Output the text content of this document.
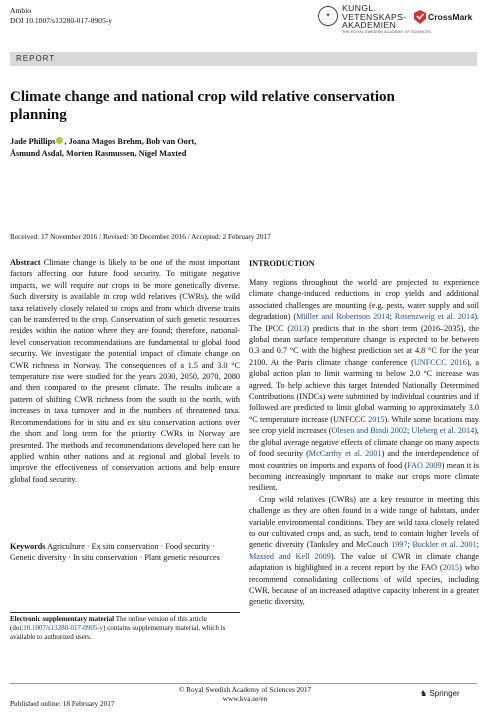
Ambio
DOI 10.1007/s13280-017-0905-y	✦
KUNGL.
VETENSKAPS-
AKADEMIEN
THE ROYAL SWEDISH ACADEMY OF SCIENCES
CrossMark
REPORT
Climate change and national crop wild relative conservation planning
Jade Phillips , Joana Magos Brehm, Bob van Oort,
Åsmund Asdal, Morten Rasmussen, Nigel Maxted
Received: 17 November 2016 / Revised: 30 December 2016 / Accepted: 2 February 2017
Abstract Climate change is likely to be one of the most important factors affecting our future food security. To mitigate negative impacts, we will require our crops to be more genetically diverse. Such diversity is available in crop wild relatives (CWRs), the wild taxa relatively closely related to crops and from which diverse traits can be transferred to the crop. Conservation of such genetic resources resides within the nation where they are found; therefore, national-level conservation recommendations are fundamental to global food security. We investigate the potential impact of climate change on CWR richness in Norway. The consequences of a 1.5 and 3.0 °C temperature rise were studied for the years 2030, 2050, 2070, 2080 and then compared to the present climate. The results indicate a pattern of shifting CWR richness from the south to the north, with increases in taxa turnover and in the numbers of threatened taxa. Recommendations for in situ and ex situ conservation actions over the short and long term for the priority CWRs in Norway are presented. The methods and recommendations developed here can be applied within other nations and at regional and global levels to improve the effectiveness of conservation actions and help ensure global food security.
Keywords Agriculture · Ex situ conservation · Food security · Genetic diversity · In situ conservation · Plant genetic resources
Electronic supplementary material The online version of this article (doi:10.1007/s13280-017-0905-y) contains supplementary material, which is available to authorized users.
INTRODUCTION

Many regions throughout the world are projected to experience climate change-induced reductions in crop yields and additional associated challenges are mounting (e.g. pests, water supply and soil degradation) (Müller and Robertson 2014; Rosenzweig et al. 2014). The IPCC (2013) predicts that in the short term (2016–2035), the global mean surface temperature change is expected to be between 0.3 and 0.7 °C with the highest prediction set at 4.8 °C for the year 2100. At the Paris climate change conference (UNFCCC 2016), a global action plan to limit warming to below 2.0 °C increase was agreed. To help achieve this target Intended Nationally Determined Contributions (INDCs) were submitted by individual countries and if followed are predicted to limit global warming to approximately 3.0 °C temperature increase (UNFCCC 2015). While some locations may see crop yield increases (Olesen and Bindi 2002; Uleberg et al. 2014), the global average negative effects of climate change on many aspects of food security (McCarthy et al. 2001) and the interdependence of most countries on imports and exports of food (FAO 2009) mean it is becoming increasingly important to make our crops more climate resilient.

Crop wild relatives (CWRs) are a key resource in meeting this challenge as they are often found in a wide range of habitats, under variable environmental conditions. They are wild taxa closely related to our cultivated crops and, as such, tend to contain higher levels of genetic diversity (Tanksley and McCouch 1997; Buckler et al. 2001; Maxted and Kell 2009). The value of CWR in climate change adaptation is highlighted in a recent report by the FAO (2015) who recommend consolidating collections of wild species, including CWR, because of an increased adaptive capacity inherent in a greater genetic diversity,

© Royal Swedish Academy of Sciences 2017
www.kva.se/en
Published online: 18 February 2017
♞ Springer
